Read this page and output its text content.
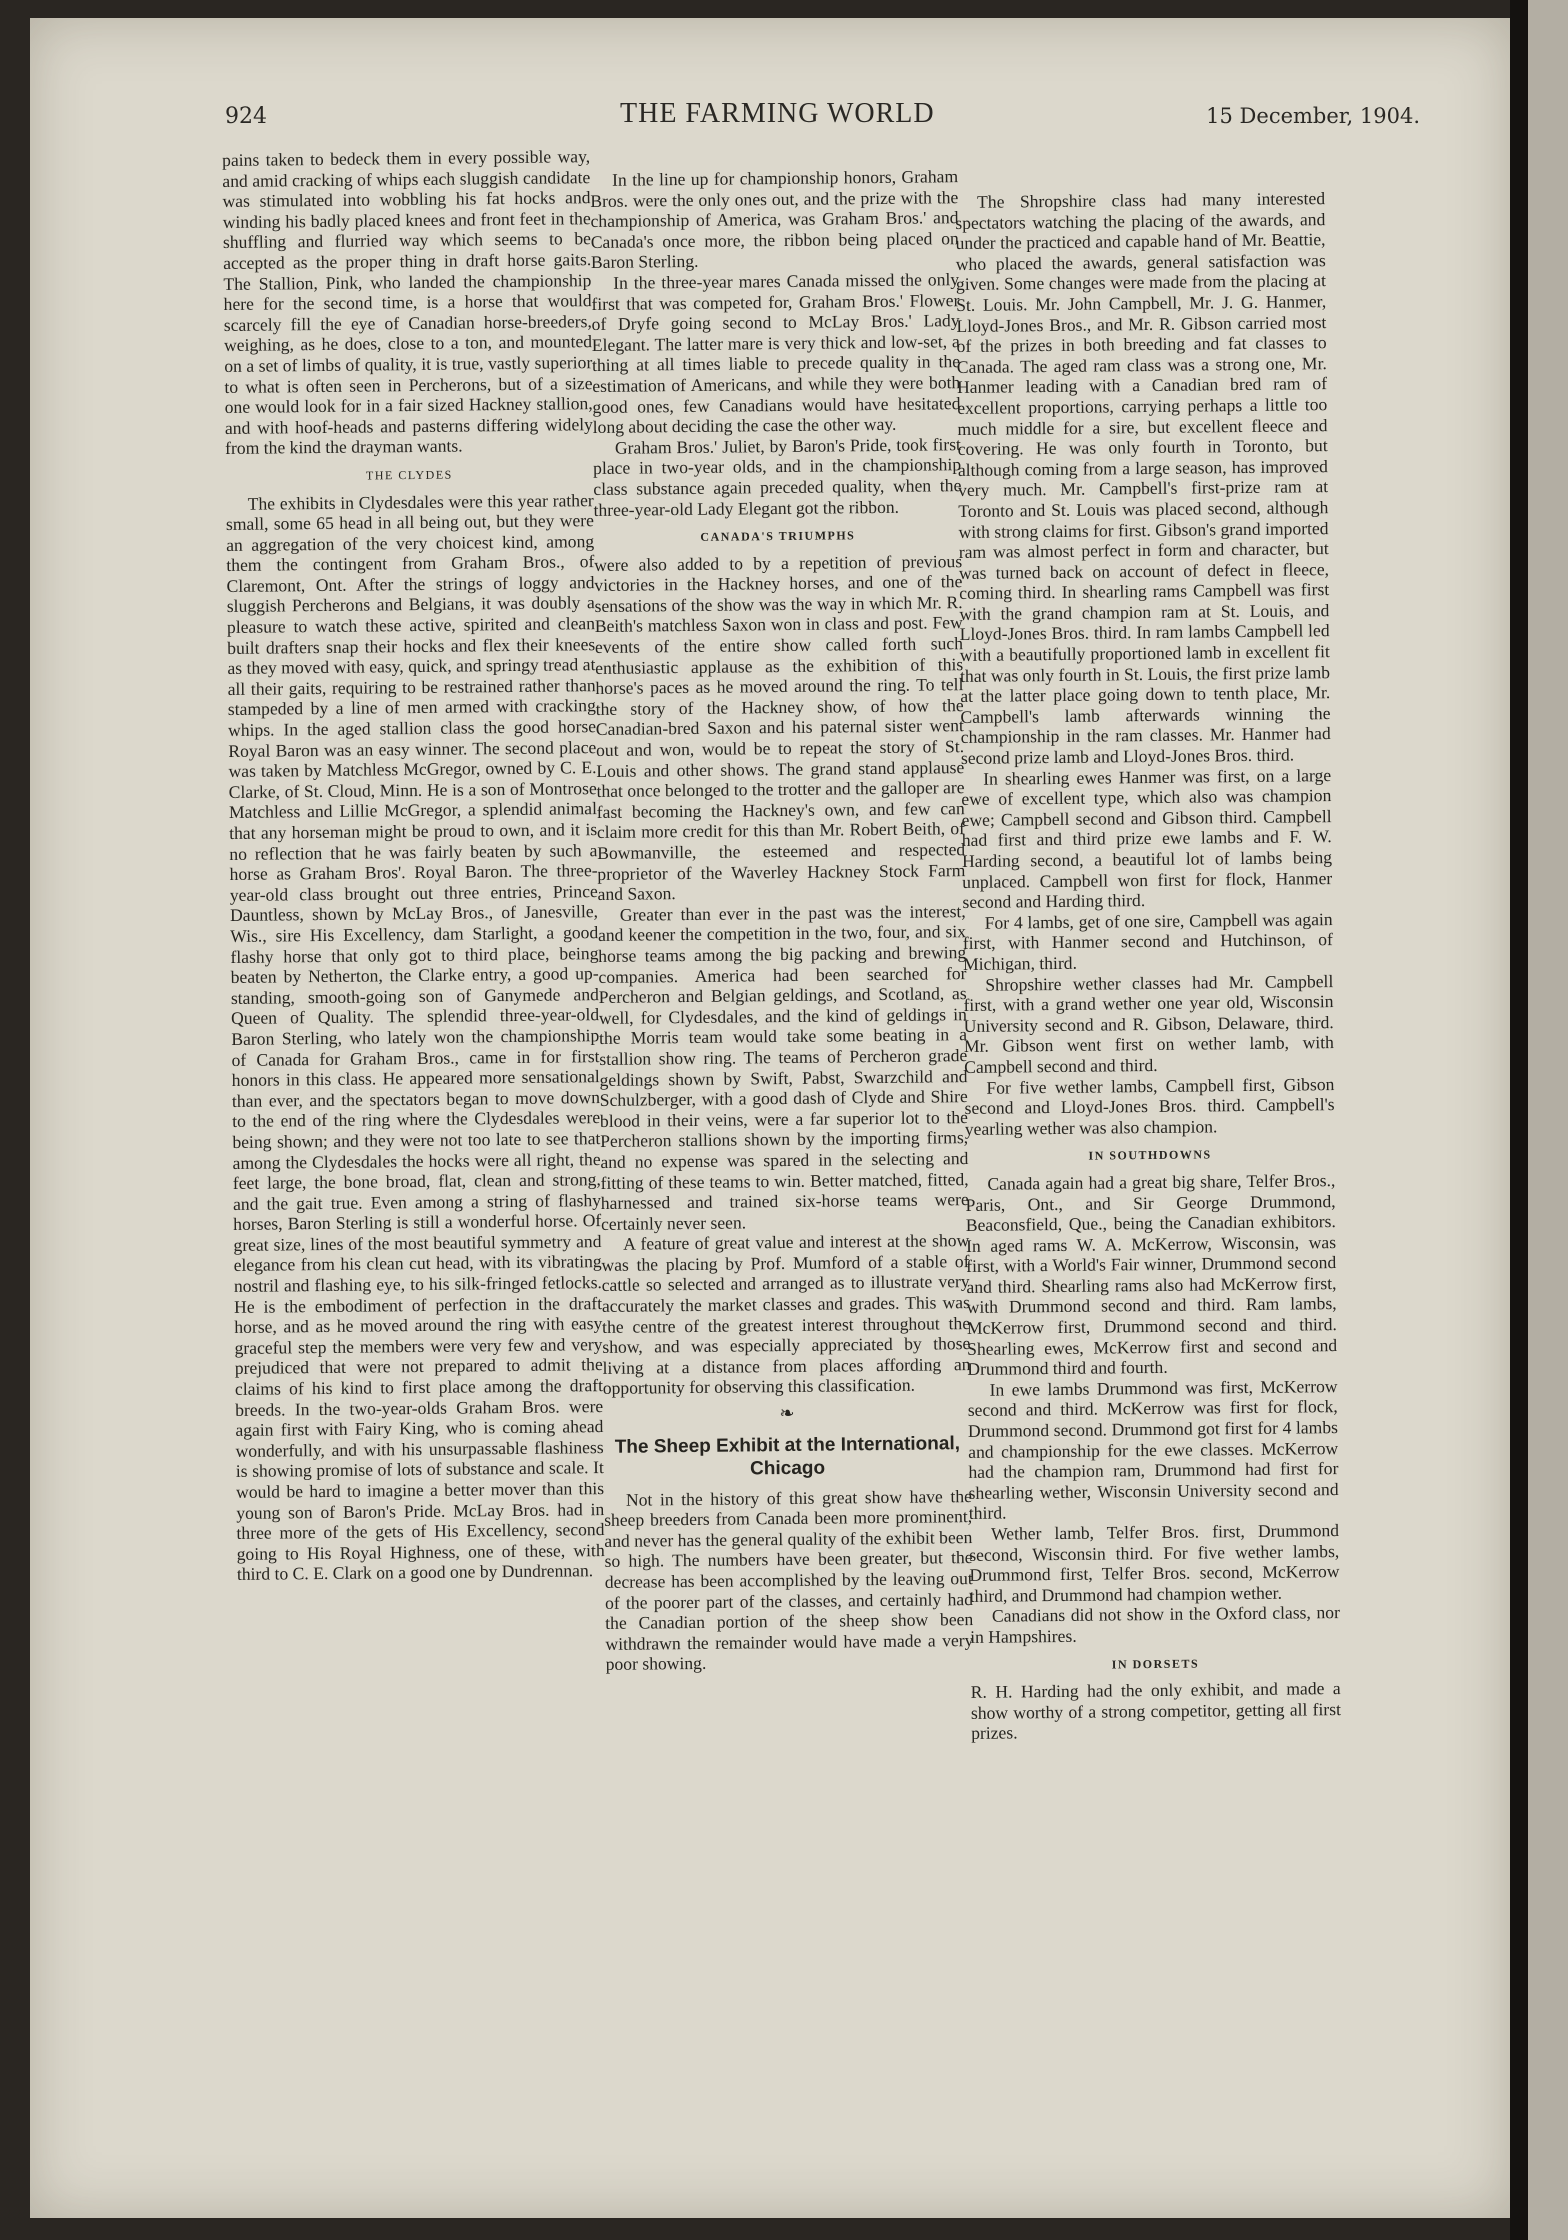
924	THE FARMING WORLD	15 December, 1904.

pains taken to bedeck them in every possible way, and amid cracking of whips each sluggish candidate was stimulated into wobbling his fat hocks and winding his badly placed knees and front feet in the shuffling and flurried way which seems to be accepted as the proper thing in draft horse gaits. The Stallion, Pink, who landed the championship here for the second time, is a horse that would scarcely fill the eye of Canadian horse-breeders, weighing, as he does, close to a ton, and mounted on a set of limbs of quality, it is true, vastly superior to what is often seen in Percherons, but of a size one would look for in a fair sized Hackney stallion, and with hoof-heads and pasterns differing widely from the kind the drayman wants.

THE CLYDES

The exhibits in Clydesdales were this year rather small, some 65 head in all being out, but they were an aggregation of the very choicest kind, among them the contingent from Graham Bros., of Claremont, Ont. After the strings of loggy and sluggish Percherons and Belgians, it was doubly a pleasure to watch these active, spirited and clean built drafters snap their hocks and flex their knees as they moved with easy, quick, and springy tread at all their gaits, requiring to be restrained rather than stampeded by a line of men armed with cracking whips. In the aged stallion class the good horse Royal Baron was an easy winner. The second place was taken by Matchless McGregor, owned by C. E. Clarke, of St. Cloud, Minn. He is a son of Montrose Matchless and Lillie McGregor, a splendid animal that any horseman might be proud to own, and it is no reflection that he was fairly beaten by such a horse as Graham Bros'. Royal Baron. The three-year-old class brought out three entries, Prince Dauntless, shown by McLay Bros., of Janesville, Wis., sire His Excellency, dam Starlight, a good flashy horse that only got to third place, being beaten by Netherton, the Clarke entry, a good up-standing, smooth-going son of Ganymede and Queen of Quality. The splendid three-year-old Baron Sterling, who lately won the championship of Canada for Graham Bros., came in for first honors in this class. He appeared more sensational than ever, and the spectators began to move down to the end of the ring where the Clydesdales were being shown; and they were not too late to see that among the Clydesdales the hocks were all right, the feet large, the bone broad, flat, clean and strong, and the gait true. Even among a string of flashy horses, Baron Sterling is still a wonderful horse. Of great size, lines of the most beautiful symmetry and elegance from his clean cut head, with its vibrating nostril and flashing eye, to his silk-fringed fetlocks. He is the embodiment of perfection in the draft horse, and as he moved around the ring with easy graceful step the members were very few and very prejudiced that were not prepared to admit the claims of his kind to first place among the draft breeds. In the two-year-olds Graham Bros. were again first with Fairy King, who is coming ahead wonderfully, and with his unsurpassable flashiness is showing promise of lots of substance and scale. It would be hard to imagine a better mover than this young son of Baron's Pride. McLay Bros. had in three more of the gets of His Excellency, second going to His Royal Highness, one of these, with third to C. E. Clark on a good one by Dundrennan.

In the line up for championship honors, Graham Bros. were the only ones out, and the prize with the championship of America, was Graham Bros.' and Canada's once more, the ribbon being placed on Baron Sterling.

In the three-year mares Canada missed the only first that was competed for, Graham Bros.' Flower of Dryfe going second to McLay Bros.' Lady Elegant. The latter mare is very thick and low-set, a thing at all times liable to precede quality in the estimation of Americans, and while they were both good ones, few Canadians would have hesitated long about deciding the case the other way.

Graham Bros.' Juliet, by Baron's Pride, took first place in two-year olds, and in the championship class substance again preceded quality, when the three-year-old Lady Elegant got the ribbon.

CANADA'S TRIUMPHS

were also added to by a repetition of previous victories in the Hackney horses, and one of the sensations of the show was the way in which Mr. R. Beith's matchless Saxon won in class and post. Few events of the entire show called forth such enthusiastic applause as the exhibition of this horse's paces as he moved around the ring. To tell the story of the Hackney show, of how the Canadian-bred Saxon and his paternal sister went out and won, would be to repeat the story of St. Louis and other shows. The grand stand applause that once belonged to the trotter and the galloper are fast becoming the Hackney's own, and few can claim more credit for this than Mr. Robert Beith, of Bowmanville, the esteemed and respected proprietor of the Waverley Hackney Stock Farm and Saxon.

Greater than ever in the past was the interest, and keener the competition in the two, four, and six horse teams among the big packing and brewing companies. America had been searched for Percheron and Belgian geldings, and Scotland, as well, for Clydesdales, and the kind of geldings in the Morris team would take some beating in a stallion show ring. The teams of Percheron grade geldings shown by Swift, Pabst, Swarzchild and Schulzberger, with a good dash of Clyde and Shire blood in their veins, were a far superior lot to the Percheron stallions shown by the importing firms, and no expense was spared in the selecting and fitting of these teams to win. Better matched, fitted, harnessed and trained six-horse teams were certainly never seen.

A feature of great value and interest at the show was the placing by Prof. Mumford of a stable of cattle so selected and arranged as to illustrate very accurately the market classes and grades. This was the centre of the greatest interest throughout the show, and was especially appreciated by those living at a distance from places affording an opportunity for observing this classification.

❧
The Sheep Exhibit at the International, Chicago

Not in the history of this great show have the sheep breeders from Canada been more prominent, and never has the general quality of the exhibit been so high. The numbers have been greater, but the decrease has been accomplished by the leaving out of the poorer part of the classes, and certainly had the Canadian portion of the sheep show been withdrawn the remainder would have made a very poor showing.

The Shropshire class had many interested spectators watching the placing of the awards, and under the practiced and capable hand of Mr. Beattie, who placed the awards, general satisfaction was given. Some changes were made from the placing at St. Louis. Mr. John Campbell, Mr. J. G. Hanmer, Lloyd-Jones Bros., and Mr. R. Gibson carried most of the prizes in both breeding and fat classes to Canada. The aged ram class was a strong one, Mr. Hanmer leading with a Canadian bred ram of excellent proportions, carrying perhaps a little too much middle for a sire, but excellent fleece and covering. He was only fourth in Toronto, but although coming from a large season, has improved very much. Mr. Campbell's first-prize ram at Toronto and St. Louis was placed second, although with strong claims for first. Gibson's grand imported ram was almost perfect in form and character, but was turned back on account of defect in fleece, coming third. In shearling rams Campbell was first with the grand champion ram at St. Louis, and Lloyd-Jones Bros. third. In ram lambs Campbell led with a beautifully proportioned lamb in excellent fit that was only fourth in St. Louis, the first prize lamb at the latter place going down to tenth place, Mr. Campbell's lamb afterwards winning the championship in the ram classes. Mr. Hanmer had second prize lamb and Lloyd-Jones Bros. third.

In shearling ewes Hanmer was first, on a large ewe of excellent type, which also was champion ewe; Campbell second and Gibson third. Campbell had first and third prize ewe lambs and F. W. Harding second, a beautiful lot of lambs being unplaced. Campbell won first for flock, Hanmer second and Harding third.

For 4 lambs, get of one sire, Campbell was again first, with Hanmer second and Hutchinson, of Michigan, third.

Shropshire wether classes had Mr. Campbell first, with a grand wether one year old, Wisconsin University second and R. Gibson, Delaware, third. Mr. Gibson went first on wether lamb, with Campbell second and third.

For five wether lambs, Campbell first, Gibson second and Lloyd-Jones Bros. third. Campbell's yearling wether was also champion.

IN SOUTHDOWNS

Canada again had a great big share, Telfer Bros., Paris, Ont., and Sir George Drummond, Beaconsfield, Que., being the Canadian exhibitors. In aged rams W. A. McKerrow, Wisconsin, was first, with a World's Fair winner, Drummond second and third. Shearling rams also had McKerrow first, with Drummond second and third. Ram lambs, McKerrow first, Drummond second and third. Shearling ewes, McKerrow first and second and Drummond third and fourth.

In ewe lambs Drummond was first, McKerrow second and third. McKerrow was first for flock, Drummond second. Drummond got first for 4 lambs and championship for the ewe classes. McKerrow had the champion ram, Drummond had first for shearling wether, Wisconsin University second and third.

Wether lamb, Telfer Bros. first, Drummond second, Wisconsin third. For five wether lambs, Drummond first, Telfer Bros. second, McKerrow third, and Drummond had champion wether.

Canadians did not show in the Oxford class, nor in Hampshires.

IN DORSETS

R. H. Harding had the only exhibit, and made a show worthy of a strong competitor, getting all first prizes.
